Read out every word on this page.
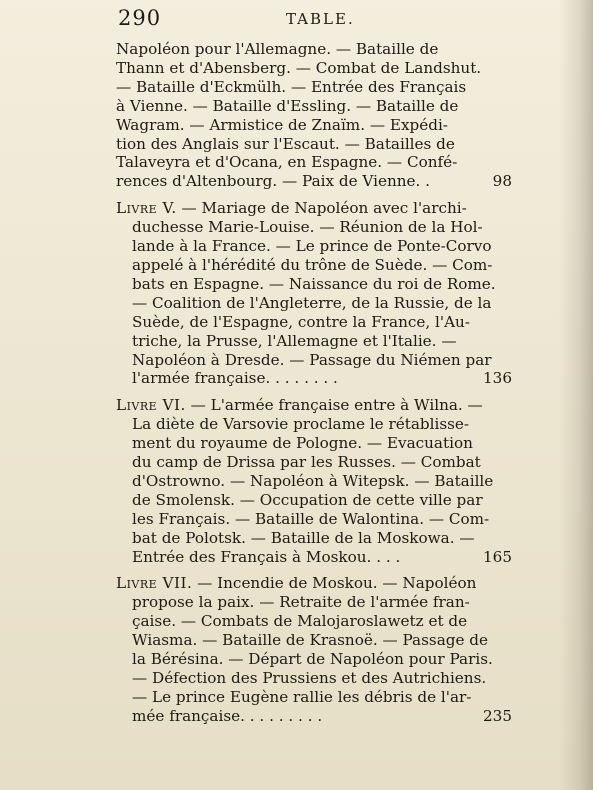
290	TABLE.
Napoléon pour l'Allemagne. — Bataille de
Thann et d'Abensberg. — Combat de Landshut.
— Bataille d'Eckmülh. — Entrée des Français
à Vienne. — Bataille d'Essling. — Bataille de
Wagram. — Armistice de Znaïm. — Expédi-
tion des Anglais sur l'Escaut. — Batailles de
Talaveyra et d'Ocana, en Espagne. — Confé-
rences d'Altenbourg. — Paix de Vienne. .	98
Livre V. — Mariage de Napoléon avec l'archi-
duchesse Marie-Louise. — Réunion de la Hol-
lande à la France. — Le prince de Ponte-Corvo
appelé à l'hérédité du trône de Suède. — Com-
bats en Espagne. — Naissance du roi de Rome.
— Coalition de l'Angleterre, de la Russie, de la
Suède, de l'Espagne, contre la France, l'Au-
triche, la Prusse, l'Allemagne et l'Italie. —
Napoléon à Dresde. — Passage du Niémen par
l'armée française. . . . . . . .	136
Livre VI. — L'armée française entre à Wilna. —
La diète de Varsovie proclame le rétablisse-
ment du royaume de Pologne. — Evacuation
du camp de Drissa par les Russes. — Combat
d'Ostrowno. — Napoléon à Witepsk. — Bataille
de Smolensk. — Occupation de cette ville par
les Français. — Bataille de Walontina. — Com-
bat de Polotsk. — Bataille de la Moskowa. —
Entrée des Français à Moskou. . . .	165
Livre VII. — Incendie de Moskou. — Napoléon
propose la paix. — Retraite de l'armée fran-
çaise. — Combats de Malojaroslawetz et de
Wiasma. — Bataille de Krasnoë. — Passage de
la Bérésina. — Départ de Napoléon pour Paris.
— Défection des Prussiens et des Autrichiens.
— Le prince Eugène rallie les débris de l'ar-
mée française. . . . . . . . .	235
